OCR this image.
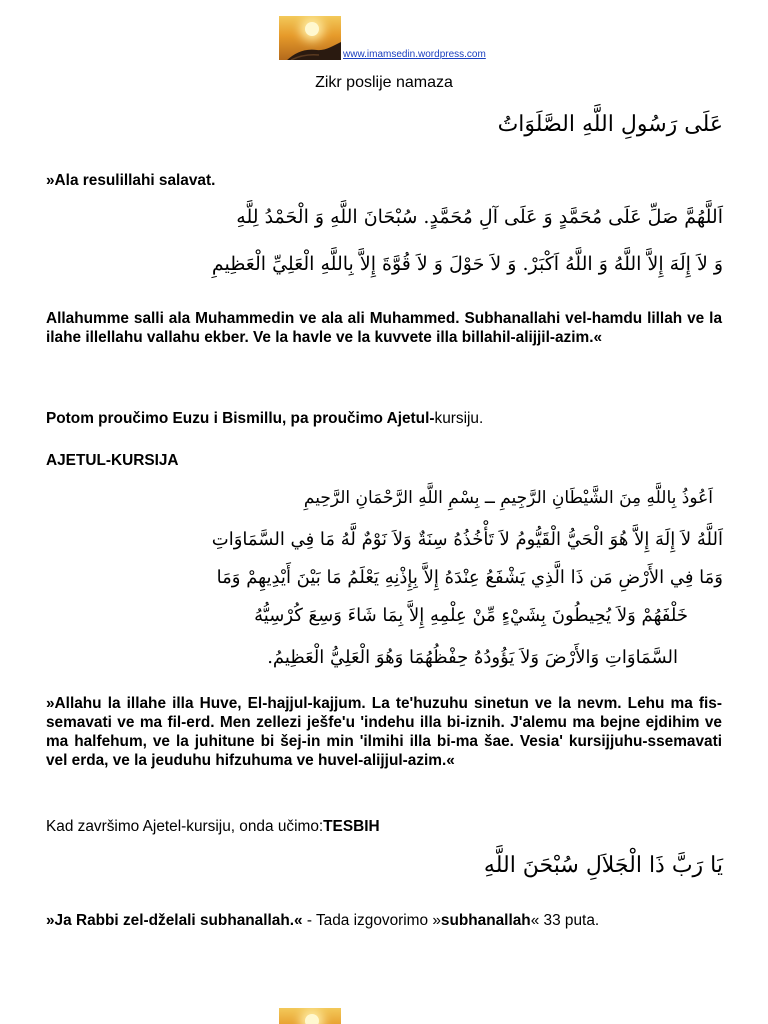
www.imamsedin.wordpress.com
Zikr poslije namaza
عَلَى رَسُولِ اللَّهِ الصَّلَوَاتُ
»Ala resulillahi salavat.
اَللَّهُمَّ صَلِّ عَلَى مُحَمَّدٍ وَ عَلَى آلِ مُحَمَّدٍ. سُبْحَانَ اللَّهِ وَ الْحَمْدُ لِلَّهِ
وَ لاَ إِلَهَ إِلاَّ اللَّهُ وَ اللَّهُ اَكْبَرْ. وَ لاَ حَوْلَ وَ لاَ قُوَّةَ إِلاَّ بِاللَّهِ الْعَلِيِّ الْعَظِيمِ
Allahumme salli ala Muhammedin ve ala ali Muhammed. Subhanallahi vel-hamdu lillah ve la ilahe illellahu vallahu ekber. Ve la havle ve la kuvvete illa billahil-alijjil-azim.«
Potom proučimo Euzu i Bismillu, pa proučimo Ajetul-kursiju.
AJETUL-KURSIJA
اَعُوذُ بِاللَّهِ مِنَ الشَّيْطَانِ الرَّجِيمِ ــ بِسْمِ اللَّهِ الرَّحْمَانِ الرَّحِيمِ
اَللَّهُ لاَ إِلَهَ إِلاَّ هُوَ الْحَيُّ الْقَيُّومُ لاَ تَأْخُذُهُ سِنَةٌ وَلاَ نَوْمٌ لَّهُ مَا فِي السَّمَاوَاتِ
وَمَا فِي الأَرْضِ مَن ذَا الَّذِي يَشْفَعُ عِنْدَهُ إِلاَّ بِإِذْنِهِ يَعْلَمُ مَا بَيْنَ أَيْدِيهِمْ وَمَا
خَلْفَهُمْ وَلاَ يُحِيطُونَ بِشَيْءٍ مِّنْ عِلْمِهِ إِلاَّ بِمَا شَاءَ وَسِعَ كُرْسِيُّهُ
السَّمَاوَاتِ وَالأَرْضَ وَلاَ يَؤُودُهُ حِفْظُهُمَا وَهُوَ الْعَلِيُّ الْعَظِيمُ.
»Allahu la illahe illa Huve, El-hajjul-kajjum. La te'huzuhu sinetun ve la nevm. Lehu ma fis-semavati ve ma fil-erd. Men zellezi ješfe'u 'indehu illa bi-iznih. J'alemu ma bejne ejdihim ve ma halfehum, ve la juhitune bi šej-in min 'ilmihi illa bi-ma šae. Vesia' kursijjuhu-ssemavati vel erda, ve la jeuduhu hifzuhuma ve huvel-alijjul-azim.«
Kad završimo Ajetel-kursiju, onda učimo:TESBIH
يَا رَبَّ ذَا الْجَلاَلِ سُبْحَنَ اللَّهِ
»Ja Rabbi zel-dželali subhanallah.« - Tada izgovorimo »subhanallah« 33 puta.
